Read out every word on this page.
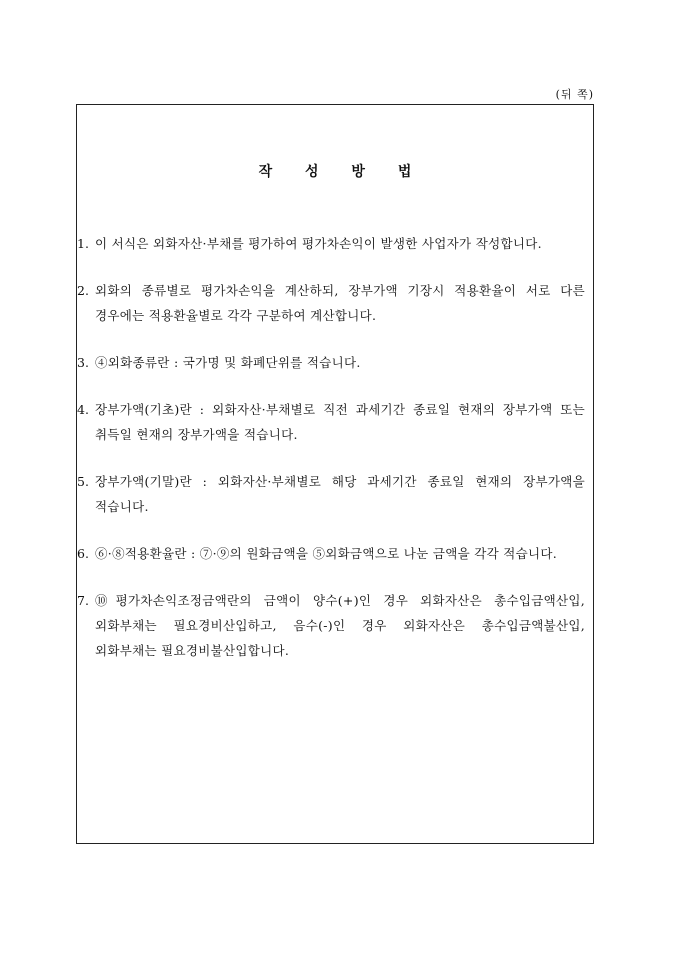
(뒤 쪽)
작 성 방 법
1. 이 서식은 외화자산·부채를 평가하여 평가차손익이 발생한 사업자가 작성합니다.
2. 외화의 종류별로 평가차손익을 계산하되, 장부가액 기장시 적용환율이 서로 다른 경우에는 적용환율별로 각각 구분하여 계산합니다.
3. ④외화종류란 : 국가명 및 화폐단위를 적습니다.
4. 장부가액(기초)란 : 외화자산·부채별로 직전 과세기간 종료일 현재의 장부가액 또는 취득일 현재의 장부가액을 적습니다.
5. 장부가액(기말)란 : 외화자산·부채별로 해당 과세기간 종료일 현재의 장부가액을 적습니다.
6. ⑥·⑧적용환율란 : ⑦·⑨의 원화금액을 ⑤외화금액으로 나눈 금액을 각각 적습니다.
7. ⑩평가차손익조정금액란의 금액이 양수(+)인 경우 외화자산은 총수입금액산입, 외화부채는 필요경비산입하고, 음수(-)인 경우 외화자산은 총수입금액불산입, 외화부채는 필요경비불산입합니다.
